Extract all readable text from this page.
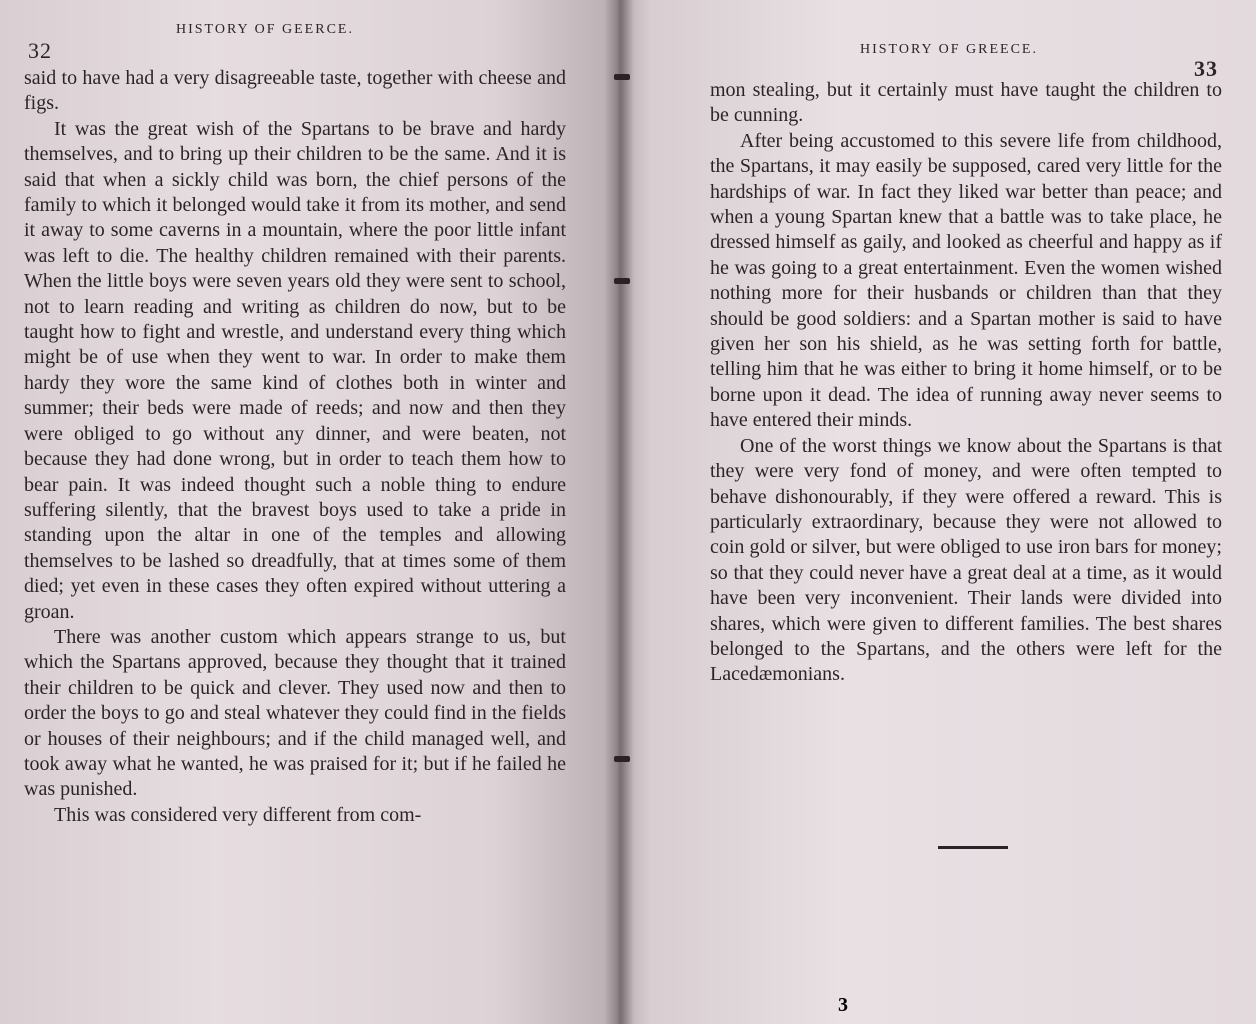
32
HISTORY OF GEERCE.

said to have had a very disagreeable taste, together with cheese and figs.

It was the great wish of the Spartans to be brave and hardy themselves, and to bring up their children to be the same. And it is said that when a sickly child was born, the chief persons of the family to which it belonged would take it from its mother, and send it away to some caverns in a mountain, where the poor little infant was left to die. The healthy children remained with their parents. When the little boys were seven years old they were sent to school, not to learn reading and writing as children do now, but to be taught how to fight and wrestle, and understand every thing which might be of use when they went to war. In order to make them hardy they wore the same kind of clothes both in winter and summer; their beds were made of reeds; and now and then they were obliged to go without any dinner, and were beaten, not because they had done wrong, but in order to teach them how to bear pain. It was indeed thought such a noble thing to endure suffering silently, that the bravest boys used to take a pride in standing upon the altar in one of the temples and allowing themselves to be lashed so dreadfully, that at times some of them died; yet even in these cases they often expired without uttering a groan.

There was another custom which appears strange to us, but which the Spartans approved, because they thought that it trained their children to be quick and clever. They used now and then to order the boys to go and steal whatever they could find in the fields or houses of their neighbours; and if the child managed well, and took away what he wanted, he was praised for it; but if he failed he was punished.

This was considered very different from com-

HISTORY OF GREECE.
33

mon stealing, but it certainly must have taught the children to be cunning.

After being accustomed to this severe life from childhood, the Spartans, it may easily be supposed, cared very little for the hardships of war. In fact they liked war better than peace; and when a young Spartan knew that a battle was to take place, he dressed himself as gaily, and looked as cheerful and happy as if he was going to a great entertainment. Even the women wished nothing more for their husbands or children than that they should be good soldiers: and a Spartan mother is said to have given her son his shield, as he was setting forth for battle, telling him that he was either to bring it home himself, or to be borne upon it dead. The idea of running away never seems to have entered their minds.

One of the worst things we know about the Spartans is that they were very fond of money, and were often tempted to behave dishonourably, if they were offered a reward. This is particularly extraordinary, because they were not allowed to coin gold or silver, but were obliged to use iron bars for money; so that they could never have a great deal at a time, as it would have been very inconvenient. Their lands were divided into shares, which were given to different families. The best shares belonged to the Spartans, and the others were left for the Lacedæmonians.

3
